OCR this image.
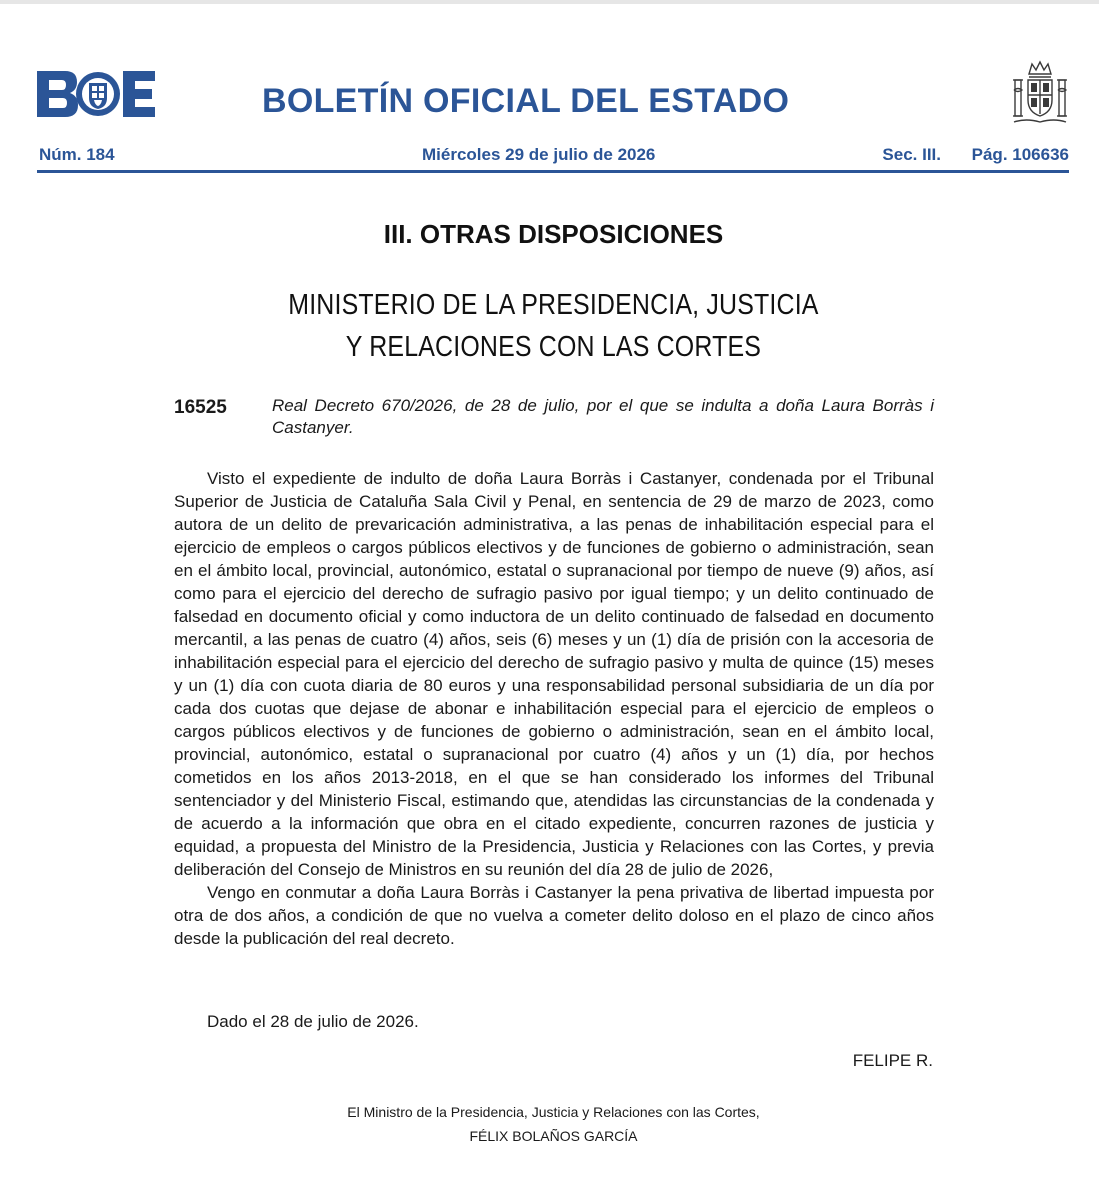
BOLETÍN OFICIAL DEL ESTADO
Núm. 184	Miércoles 29 de julio de 2026	Sec. III. Pág. 106636
III. OTRAS DISPOSICIONES
MINISTERIO DE LA PRESIDENCIA, JUSTICIA
Y RELACIONES CON LAS CORTES
16525	Real Decreto 670/2026, de 28 de julio, por el que se indulta a doña Laura Borràs i Castanyer.

Visto el expediente de indulto de doña Laura Borràs i Castanyer, condenada por el Tribunal Superior de Justicia de Cataluña Sala Civil y Penal, en sentencia de 29 de marzo de 2023, como autora de un delito de prevaricación administrativa, a las penas de inhabilitación especial para el ejercicio de empleos o cargos públicos electivos y de funciones de gobierno o administración, sean en el ámbito local, provincial, autonómico, estatal o supranacional por tiempo de nueve (9) años, así como para el ejercicio del derecho de sufragio pasivo por igual tiempo; y un delito continuado de falsedad en documento oficial y como inductora de un delito continuado de falsedad en documento mercantil, a las penas de cuatro (4) años, seis (6) meses y un (1) día de prisión con la accesoria de inhabilitación especial para el ejercicio del derecho de sufragio pasivo y multa de quince (15) meses y un (1) día con cuota diaria de 80 euros y una responsabilidad personal subsidiaria de un día por cada dos cuotas que dejase de abonar e inhabilitación especial para el ejercicio de empleos o cargos públicos electivos y de funciones de gobierno o administración, sean en el ámbito local, provincial, autonómico, estatal o supranacional por cuatro (4) años y un (1) día, por hechos cometidos en los años 2013-2018, en el que se han considerado los informes del Tribunal sentenciador y del Ministerio Fiscal, estimando que, atendidas las circunstancias de la condenada y de acuerdo a la información que obra en el citado expediente, concurren razones de justicia y equidad, a propuesta del Ministro de la Presidencia, Justicia y Relaciones con las Cortes, y previa deliberación del Consejo de Ministros en su reunión del día 28 de julio de 2026,

Vengo en conmutar a doña Laura Borràs i Castanyer la pena privativa de libertad impuesta por otra de dos años, a condición de que no vuelva a cometer delito doloso en el plazo de cinco años desde la publicación del real decreto.

Dado el 28 de julio de 2026.
FELIPE R.
El Ministro de la Presidencia, Justicia y Relaciones con las Cortes,
FÉLIX BOLAÑOS GARCÍA
